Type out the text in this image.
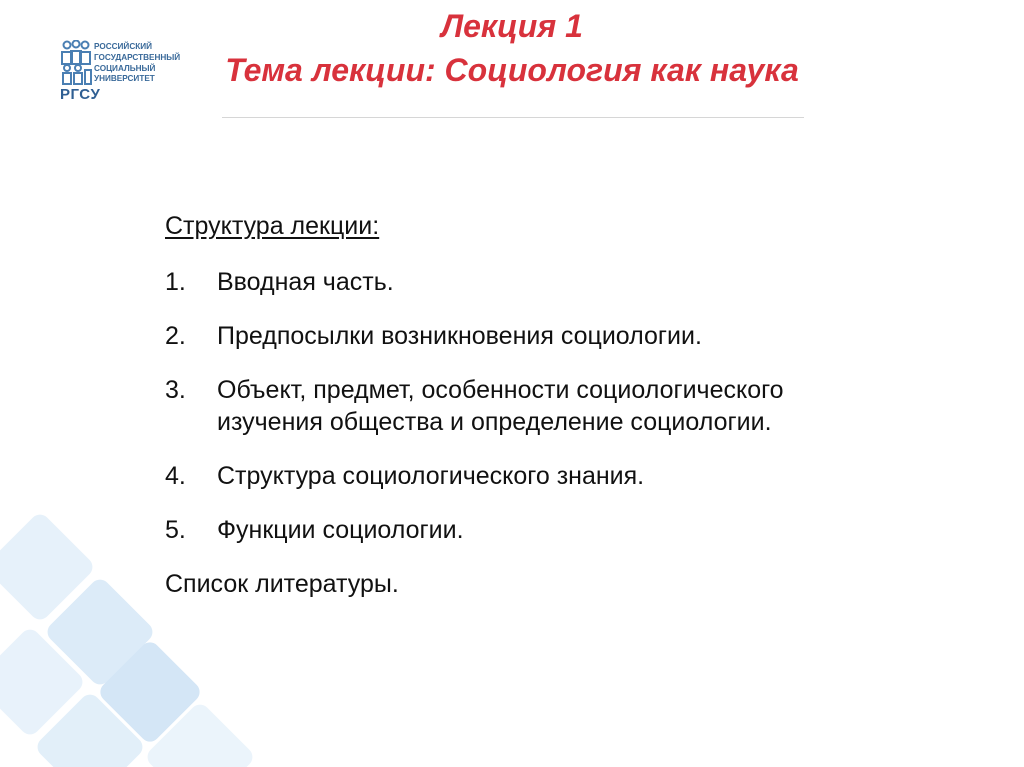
РОССИЙСКИЙ
ГОСУДАРСТВЕННЫЙ
СОЦИАЛЬНЫЙ
УНИВЕРСИТЕТ
РГСУ
Лекция 1
Тема лекции: Социология как наука
Структура лекции:
1. Вводная часть.
2. Предпосылки возникновения социологии.
3. Объект, предмет, особенности социологического изучения общества и определение социологии.
4. Структура социологического знания.
5. Функции социологии.
Список литературы.
